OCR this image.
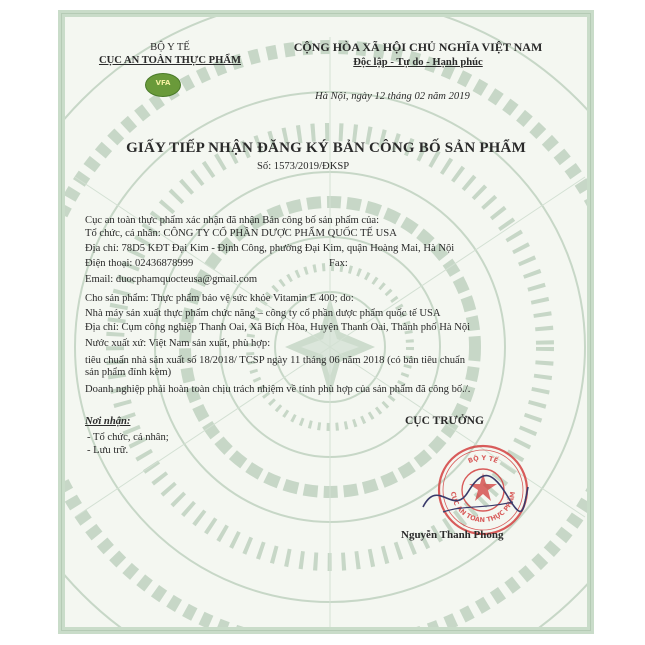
BỘ Y TẾ
CỤC AN TOÀN THỰC PHẨM
VFA
CỘNG HÒA XÃ HỘI CHỦ NGHĨA VIỆT NAM
Độc lập - Tự do - Hạnh phúc
Hà Nội, ngày 12 tháng 02 năm 2019
GIẤY TIẾP NHẬN ĐĂNG KÝ BẢN CÔNG BỐ SẢN PHẨM
Số: 1573/2019/ĐKSP
Cục an toàn thực phẩm xác nhận đã nhận Bản công bố sản phẩm của:
Tổ chức, cá nhân: CÔNG TY CỔ PHẦN DƯỢC PHẨM QUỐC TẾ USA
Địa chỉ: 78D5 KĐT Đại Kim - Định Công, phường Đại Kim, quận Hoàng Mai, Hà Nội
Điện thoại: 02436878999	Fax:
Email: duocphamquocteusa@gmail.com
Cho sản phẩm: Thực phẩm bảo vệ sức khỏe Vitamin E 400; do:
Nhà máy sản xuất thực phẩm chức năng – công ty cổ phần dược phẩm quốc tế USA
Địa chỉ: Cụm công nghiệp Thanh Oai, Xã Bích Hòa, Huyện Thanh Oai, Thành phố Hà Nội
Nước xuất xứ: Việt Nam sản xuất, phù hợp:
tiêu chuẩn nhà sản xuất số 18/2018/ TCSP ngày 11 tháng 06 năm 2018 (có bản tiêu chuẩn
sản phẩm đính kèm)
Doanh nghiệp phải hoàn toàn chịu trách nhiệm về tính phù hợp của sản phẩm đã công bố./.
Nơi nhận:
- Tổ chức, cá nhân;
- Lưu trữ.
CỤC TRƯỞNG
BỘ Y TẾ
CỤC AN TOÀN THỰC PHẨM
Nguyễn Thanh Phong
